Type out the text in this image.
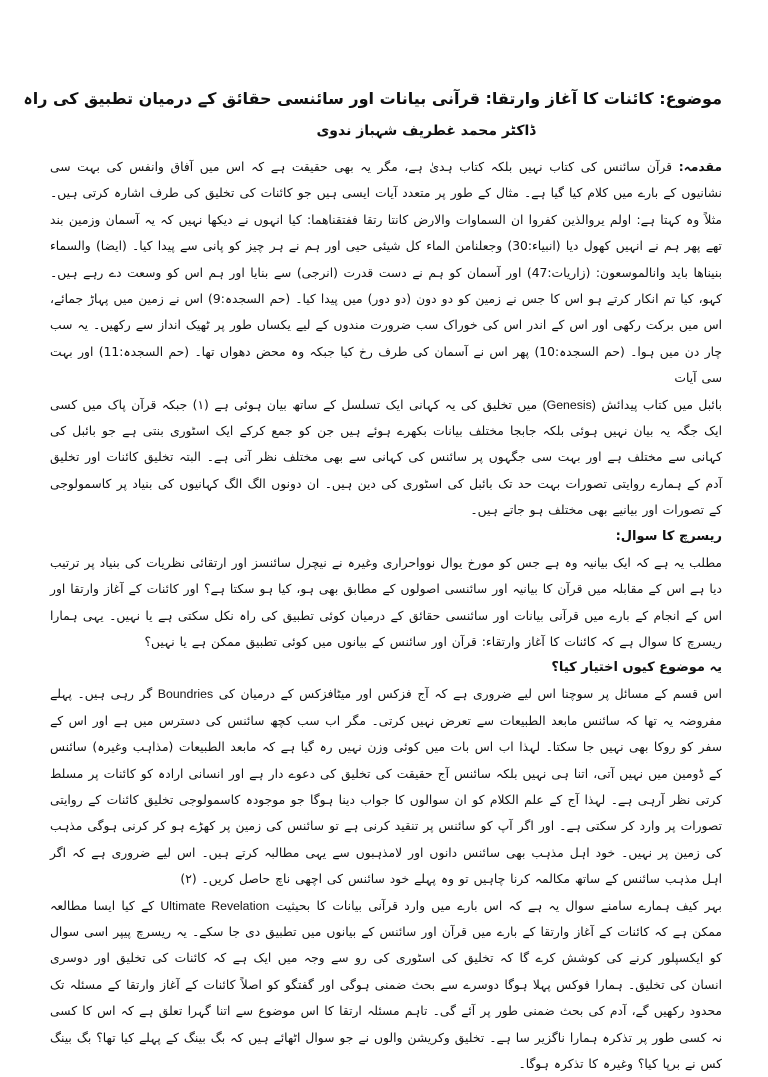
موضوع: کائنات کا آغاز وارتقا: قرآنی بیانات اور سائنسی حقائق کے درمیان تطبیق کی راہ
ڈاکٹر محمد غطریف شہباز ندوی

مقدمہ: قرآن سائنس کی کتاب نہیں بلکہ کتاب ہدیٰ ہے، مگر یہ بھی حقیقت ہے کہ اس میں آفاق وانفس کی بہت سی نشانیوں کے بارے میں کلام کیا گیا ہے۔ مثال کے طور پر متعدد آیات ایسی ہیں جو کائنات کی تخلیق کی طرف اشارہ کرتی ہیں۔ مثلاً وہ کہتا ہے: اولم یروالذین کفروا ان السماوات والارض کانتا رتقا ففتقناهما: کیا انہوں نے دیکھا نہیں کہ یہ آسمان وزمین بند تھے پھر ہم نے انہیں کھول دیا (انبیاء:30) وجعلنامن الماء کل شیئی حیی اور ہم نے ہر چیز کو پانی سے پیدا کیا۔ (ایضا) والسماء بنیناها باید وانالموسعون: (زاریات:47) اور آسمان کو ہم نے دست قدرت (انرجی) سے بنایا اور ہم اس کو وسعت دے رہے ہیں۔ کہو، کیا تم انکار کرتے ہو اس کا جس نے زمین کو دو دون (دو دور) میں پیدا کیا۔ (حم السجدہ:9) اس نے زمین میں پہاڑ جمائے، اس میں برکت رکھی اور اس کے اندر اس کی خوراک سب ضرورت مندوں کے لیے یکساں طور پر ٹھیک انداز سے رکھیں۔ یہ سب چار دن میں ہوا۔ (حم السجدہ:10) پھر اس نے آسمان کی طرف رخ کیا جبکہ وہ محض دھواں تھا۔ (حم السجدہ:11) اور بہت سی آیات

بائبل میں کتاب پیدائش (Genesis) میں تخلیق کی یہ کہانی ایک تسلسل کے ساتھ بیان ہوئی ہے (۱) جبکہ قرآن پاک میں کسی ایک جگہ یہ بیان نہیں ہوئی بلکہ جابجا مختلف بیانات بکھرے ہوئے ہیں جن کو جمع کرکے ایک اسٹوری بنتی ہے جو بائبل کی کہانی سے مختلف ہے اور بہت سی جگہوں پر سائنس کی کہانی سے بھی مختلف نظر آتی ہے۔ البتہ تخلیق کائنات اور تخلیق آدم کے ہمارے روایتی تصورات بہت حد تک بائبل کی اسٹوری کی دین ہیں۔ ان دونوں الگ الگ کہانیوں کی بنیاد پر کاسمولوجی کے تصورات اور بیانیے بھی مختلف ہو جاتے ہیں۔

ریسرچ کا سوال:

مطلب یہ ہے کہ ایک بیانیہ وہ ہے جس کو مورخ یوال نوواحراری وغیرہ نے نیچرل سائنسز اور ارتقائی نظریات کی بنیاد پر ترتیب دیا ہے اس کے مقابلہ میں قرآن کا بیانیہ اور سائنسی اصولوں کے مطابق بھی ہو، کیا ہو سکتا ہے؟ اور کائنات کے آغاز وارتقا اور اس کے انجام کے بارے میں قرآنی بیانات اور سائنسی حقائق کے درمیان کوئی تطبیق کی راہ نکل سکتی ہے یا نہیں۔ یہی ہمارا ریسرچ کا سوال ہے کہ کائنات کا آغاز وارتقاء: قرآن اور سائنس کے بیانوں میں کوئی تطبیق ممکن ہے یا نہیں؟

یہ موضوع کیوں اختیار کیا؟

اس قسم کے مسائل پر سوچنا اس لیے ضروری ہے کہ آج فزکس اور میٹافزکس کے درمیان کی Boundries گر رہی ہیں۔ پہلے مفروضہ یہ تھا کہ سائنس مابعد الطبیعات سے تعرض نہیں کرتی۔ مگر اب سب کچھ سائنس کی دسترس میں ہے اور اس کے سفر کو روکا بھی نہیں جا سکتا۔ لہذا اب اس بات میں کوئی وزن نہیں رہ گیا ہے کہ مابعد الطبیعات (مذاہب وغیرہ) سائنس کے ڈومین میں نہیں آتی، اتنا ہی نہیں بلکہ سائنس آج حقیقت کی تخلیق کی دعوے دار ہے اور انسانی ارادہ کو کائنات پر مسلط کرتی نظر آرہی ہے۔ لہذا آج کے علم الکلام کو ان سوالوں کا جواب دینا ہوگا جو موجودہ کاسمولوجی تخلیق کائنات کے روایتی تصورات پر وارد کر سکتی ہے۔ اور اگر آپ کو سائنس پر تنقید کرنی ہے تو سائنس کی زمین پر کھڑے ہو کر کرنی ہوگی مذہب کی زمین پر نہیں۔ خود اہل مذہب بھی سائنس دانوں اور لامذہبوں سے یہی مطالبہ کرتے ہیں۔ اس لیے ضروری ہے کہ اگر اہل مذہب سائنس کے ساتھ مکالمہ کرنا چاہیں تو وہ پہلے خود سائنس کی اچھی ناچ حاصل کریں۔ (۲)

بہر کیف ہمارے سامنے سوال یہ ہے کہ اس بارے میں وارد قرآنی بیانات کا بحیثیت Ultimate Revelation کے کیا ایسا مطالعہ ممکن ہے کہ کائنات کے آغاز وارتقا کے بارے میں قرآن اور سائنس کے بیانوں میں تطبیق دی جا سکے۔ یہ ریسرچ پیپر اسی سوال کو ایکسپلور کرنے کی کوشش کرے گا کہ تخلیق کی اسٹوری کی رو سے وجہ میں ایک ہے کہ کائنات کی تخلیق اور دوسری انسان کی تخلیق۔ ہمارا فوکس پہلا ہوگا دوسرے سے بحث ضمنی ہوگی اور گفتگو کو اصلاً کائنات کے آغاز وارتقا کے مسئلہ تک محدود رکھیں گے، آدم کی بحث ضمنی طور پر آئے گی۔ تاہم مسئلہ ارتقا کا اس موضوع سے اتنا گہرا تعلق ہے کہ اس کا کسی نہ کسی طور پر تذکرہ ہمارا ناگزیر سا ہے۔ تخلیق وکریشن والوں نے جو سوال اٹھائے ہیں کہ بگ بینگ کے پہلے کیا تھا؟ بگ بینگ کس نے برپا کیا؟ وغیرہ کا تذکرہ ہوگا۔
